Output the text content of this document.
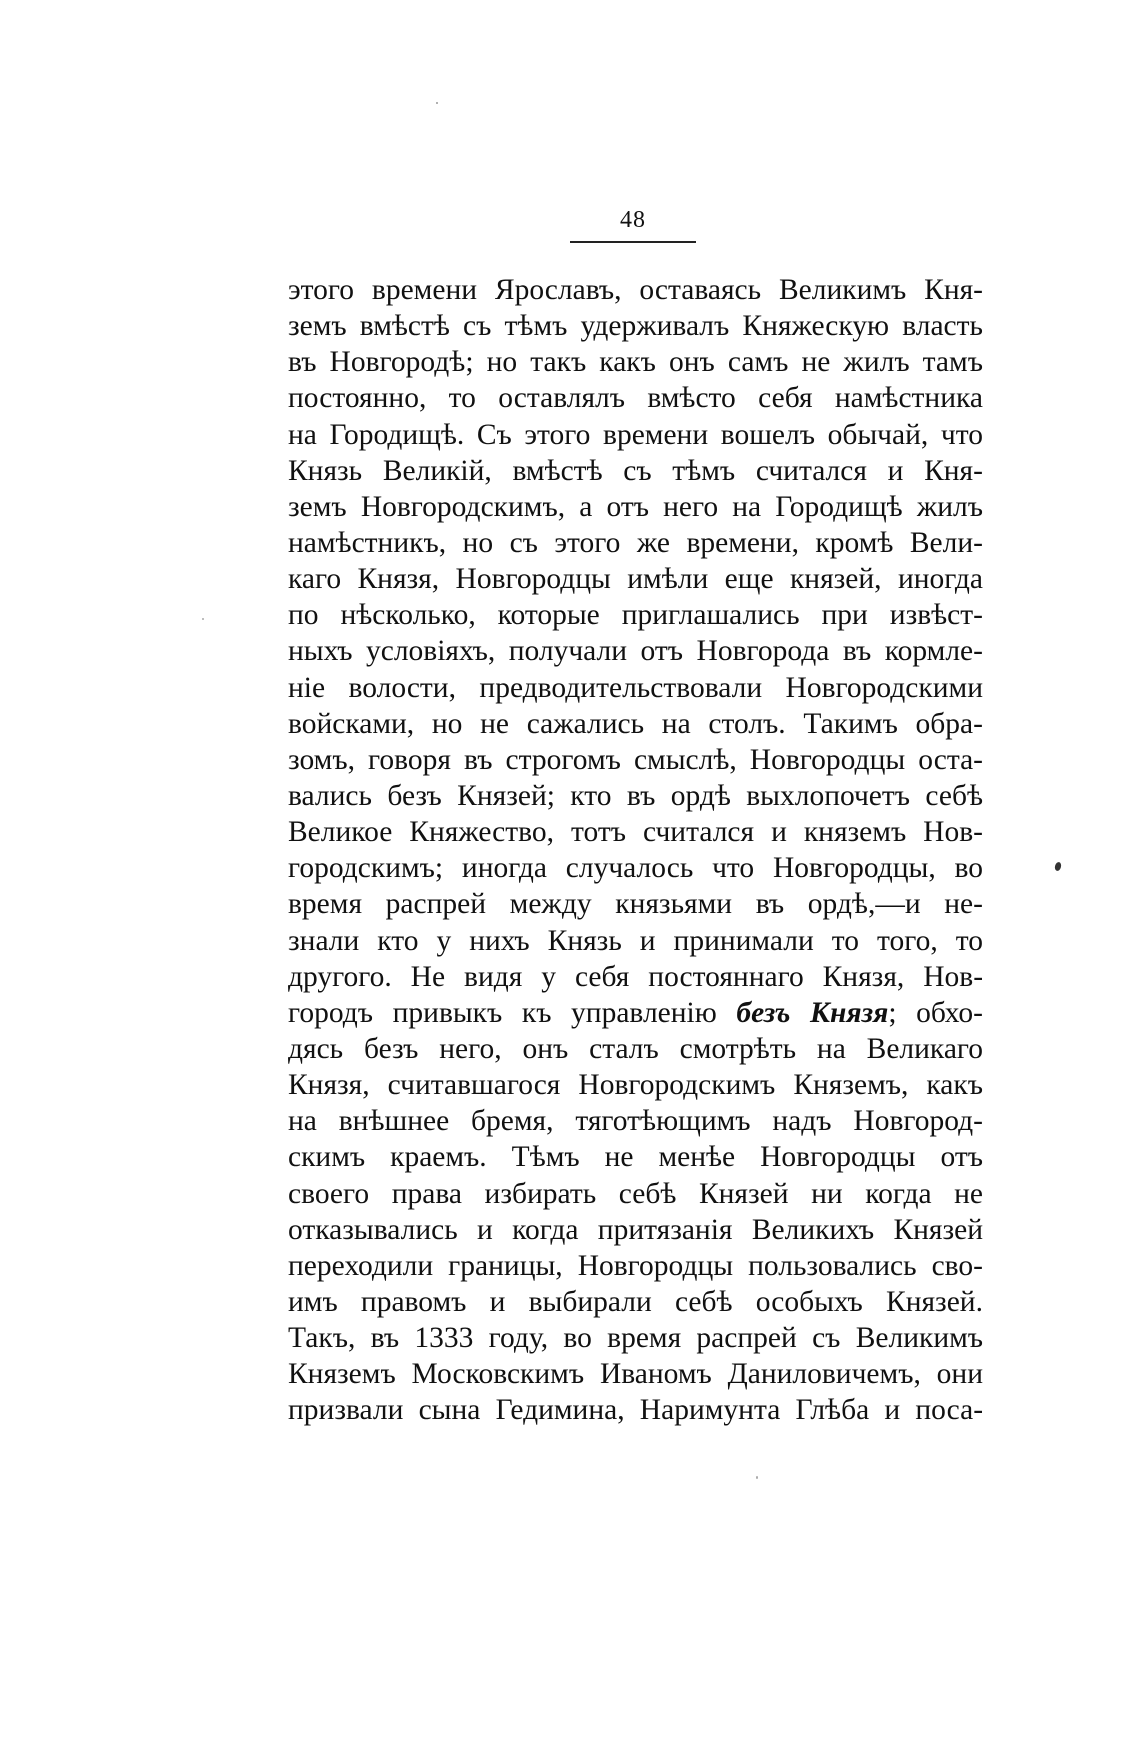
48
этого времени Ярославъ, оставаясь Великимъ Кня-
земъ вмѣстѣ съ тѣмъ удерживалъ Княжескую власть
въ Новгородѣ; но такъ какъ онъ самъ не жилъ тамъ
постоянно, то оставлялъ вмѣсто себя намѣстника
на Городищѣ. Съ этого времени вошелъ обычай, что
Князь Великій, вмѣстѣ съ тѣмъ считался и Кня-
земъ Новгородскимъ, а отъ него на Городищѣ жилъ
намѣстникъ, но съ этого же времени, кромѣ Вели-
каго Князя, Новгородцы имѣли еще князей, иногда
по нѣсколько, которые приглашались при извѣст-
ныхъ условіяхъ, получали отъ Новгорода въ кормле-
ніе волости, предводительствовали Новгородскими
войсками, но не сажались на столъ. Такимъ обра-
зомъ, говоря въ строгомъ смыслѣ, Новгородцы оста-
вались безъ Князей; кто въ ордѣ выхлопочетъ себѣ
Великое Княжество, тотъ считался и княземъ Нов-
городскимъ; иногда случалось что Новгородцы, во
время распрей между князьями въ ордѣ,—и не-
знали кто у нихъ Князь и принимали то того, то
другого. Не видя у себя постояннаго Князя, Нов-
городъ привыкъ къ управленію безъ Князя; обхо-
дясь безъ него, онъ сталъ смотрѣть на Великаго
Князя, считавшагося Новгородскимъ Княземъ, какъ
на внѣшнее бремя, тяготѣющимъ надъ Новгород-
скимъ краемъ. Тѣмъ не менѣе Новгородцы отъ
своего права избирать себѣ Князей ни когда не
отказывались и когда притязанія Великихъ Князей
переходили границы, Новгородцы пользовались сво-
имъ правомъ и выбирали себѣ особыхъ Князей.
Такъ, въ 1333 году, во время распрей съ Великимъ
Княземъ Московскимъ Иваномъ Даниловичемъ, они
призвали сына Гедимина, Наримунта Глѣба и поса-
